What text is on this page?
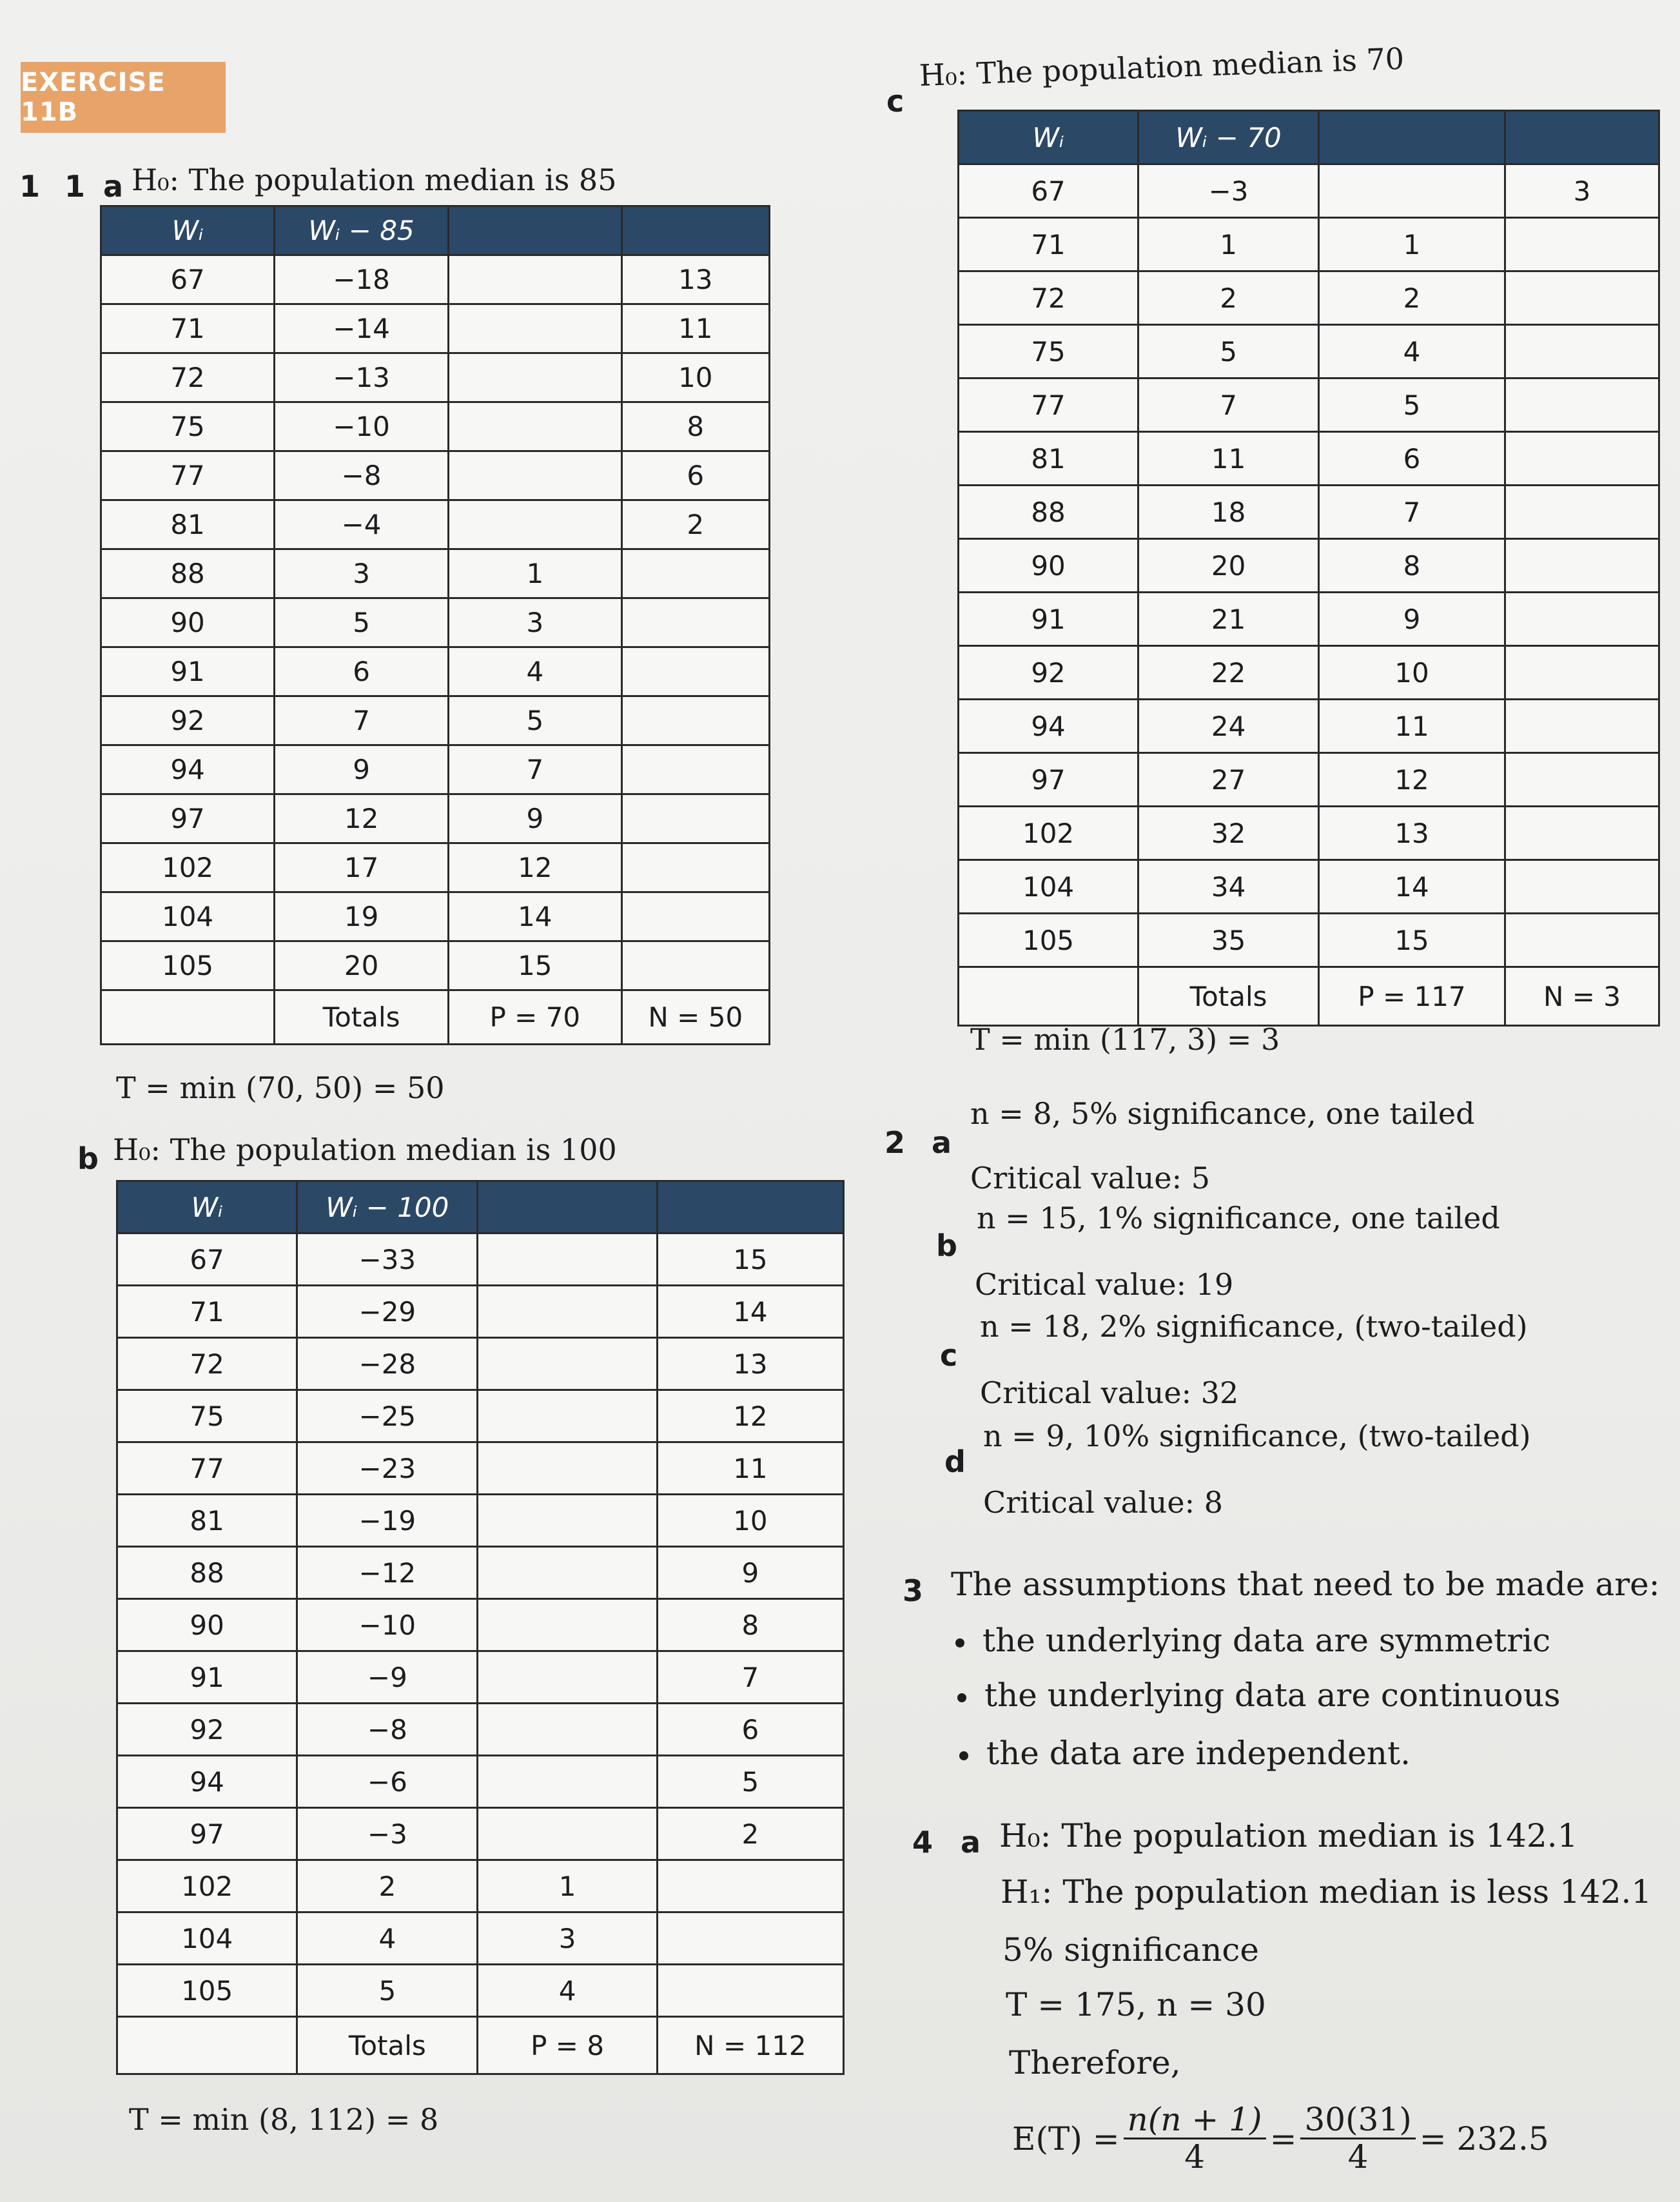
EXERCISE 11B
1 1 a H₀: The population median is 85
Wᵢ	Wᵢ − 85		
67	−18		13
71	−14		11
72	−13		10
75	−10		8
77	−8		6
81	−4		2
88	3	1	
90	5	3	
91	6	4	
92	7	5	
94	9	7	
97	12	9	
102	17	12	
104	19	14	
105	20	15	
	Totals	P = 70	N = 50
T = min (70, 50) = 50
b H₀: The population median is 100
Wᵢ	Wᵢ − 100		
67	−33		15
71	−29		14
72	−28		13
75	−25		12
77	−23		11
81	−19		10
88	−12		9
90	−10		8
91	−9		7
92	−8		6
94	−6		5
97	−3		2
102	2	1	
104	4	3	
105	5	4	
	Totals	P = 8	N = 112
T = min (8, 112) = 8
c
H₀: The population median is 70
Wᵢ	Wᵢ − 70		
67	−3		3
71	1	1	
72	2	2	
75	5	4	
77	7	5	
81	11	6	
88	18	7	
90	20	8	
91	21	9	
92	22	10	
94	24	11	
97	27	12	
102	32	13	
104	34	14	
105	35	15	
	Totals	P = 117	N = 3
T = min (117, 3) = 3
2 a
n = 8, 5% significance, one tailed
Critical value: 5
b
n = 15, 1% significance, one tailed
Critical value: 19
c
n = 18, 2% significance, (two-tailed)
Critical value: 32
d
n = 9, 10% significance, (two-tailed)
Critical value: 8
3 The assumptions that need to be made are:
the underlying data are symmetric
the underlying data are continuous
the data are independent.
4 a H₀: The population median is 142.1
H₁: The population median is less 142.1
5% significance
T = 175, n = 30
Therefore,
$E(T) = \frac{n(n + 1)}{4} = \frac{30(31)}{4} = 232.5$
